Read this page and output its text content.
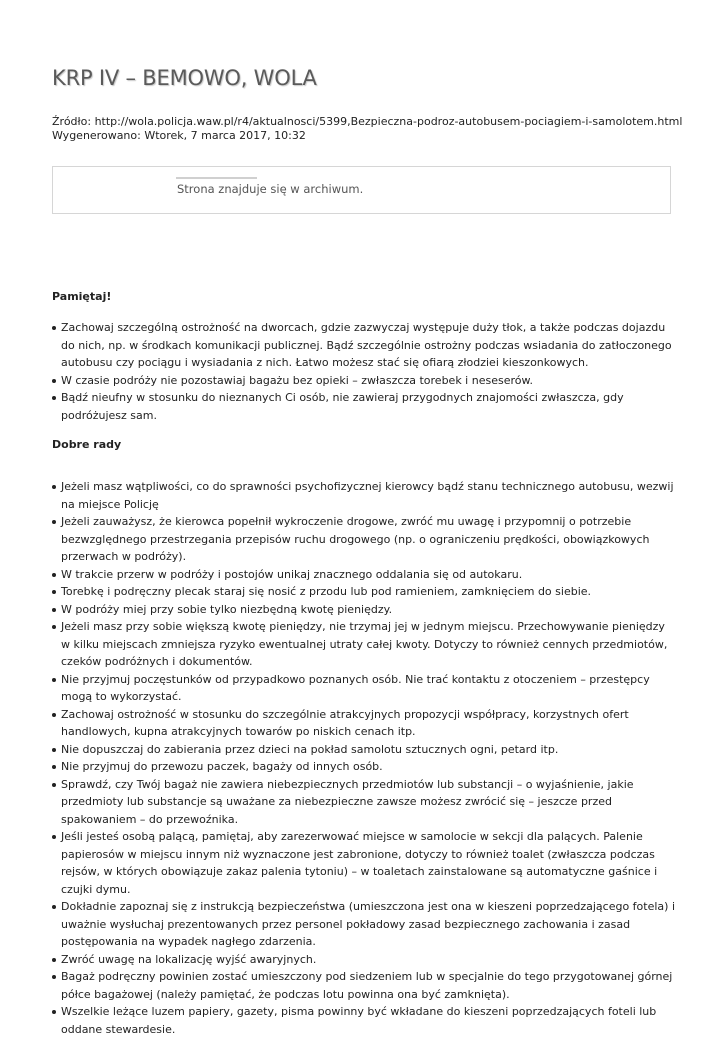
KRP IV – BEMOWO, WOLA
Źródło: http://wola.policja.waw.pl/r4/aktualnosci/5399,Bezpieczna-podroz-autobusem-pociagiem-i-samolotem.html
Wygenerowano: Wtorek, 7 marca 2017, 10:32
Strona znajduje się w archiwum.

Pamiętaj!

Zachowaj szczególną ostrożność na dworcach, gdzie zazwyczaj występuje duży tłok, a także podczas dojazdu do nich, np. w środkach komunikacji publicznej. Bądź szczególnie ostrożny podczas wsiadania do zatłoczonego autobusu czy pociągu i wysiadania z nich. Łatwo możesz stać się ofiarą złodziei kieszonkowych.
W czasie podróży nie pozostawiaj bagażu bez opieki – zwłaszcza torebek i neseserów.
Bądź nieufny w stosunku do nieznanych Ci osób, nie zawieraj przygodnych znajomości zwłaszcza, gdy podróżujesz sam.

Dobre rady

Jeżeli masz wątpliwości, co do sprawności psychofizycznej kierowcy bądź stanu technicznego autobusu, wezwij na miejsce Policję
Jeżeli zauważysz, że kierowca popełnił wykroczenie drogowe, zwróć mu uwagę i przypomnij o potrzebie bezwzględnego przestrzegania przepisów ruchu drogowego (np. o ograniczeniu prędkości, obowiązkowych przerwach w podróży).
W trakcie przerw w podróży i postojów unikaj znacznego oddalania się od autokaru.
Torebkę i podręczny plecak staraj się nosić z przodu lub pod ramieniem, zamknięciem do siebie.
W podróży miej przy sobie tylko niezbędną kwotę pieniędzy.
Jeżeli masz przy sobie większą kwotę pieniędzy, nie trzymaj jej w jednym miejscu. Przechowywanie pieniędzy w kilku miejscach zmniejsza ryzyko ewentualnej utraty całej kwoty. Dotyczy to również cennych przedmiotów, czeków podróżnych i dokumentów.
Nie przyjmuj poczęstunków od przypadkowo poznanych osób. Nie trać kontaktu z otoczeniem – przestępcy mogą to wykorzystać.
Zachowaj ostrożność w stosunku do szczególnie atrakcyjnych propozycji współpracy, korzystnych ofert handlowych, kupna atrakcyjnych towarów po niskich cenach itp.
Nie dopuszczaj do zabierania przez dzieci na pokład samolotu sztucznych ogni, petard itp.
Nie przyjmuj do przewozu paczek, bagaży od innych osób.
Sprawdź, czy Twój bagaż nie zawiera niebezpiecznych przedmiotów lub substancji – o wyjaśnienie, jakie przedmioty lub substancje są uważane za niebezpieczne zawsze możesz zwrócić się – jeszcze przed spakowaniem – do przewoźnika.
Jeśli jesteś osobą palącą, pamiętaj, aby zarezerwować miejsce w samolocie w sekcji dla palących. Palenie papierosów w miejscu innym niż wyznaczone jest zabronione, dotyczy to również toalet (zwłaszcza podczas rejsów, w których obowiązuje zakaz palenia tytoniu) – w toaletach zainstalowane są automatyczne gaśnice i czujki dymu.
Dokładnie zapoznaj się z instrukcją bezpieczeństwa (umieszczona jest ona w kieszeni poprzedzającego fotela) i uważnie wysłuchaj prezentowanych przez personel pokładowy zasad bezpiecznego zachowania i zasad postępowania na wypadek nagłego zdarzenia.
Zwróć uwagę na lokalizację wyjść awaryjnych.
Bagaż podręczny powinien zostać umieszczony pod siedzeniem lub w specjalnie do tego przygotowanej górnej półce bagażowej (należy pamiętać, że podczas lotu powinna ona być zamknięta).
Wszelkie leżące luzem papiery, gazety, pisma powinny być wkładane do kieszeni poprzedzających foteli lub oddane stewardesie.
